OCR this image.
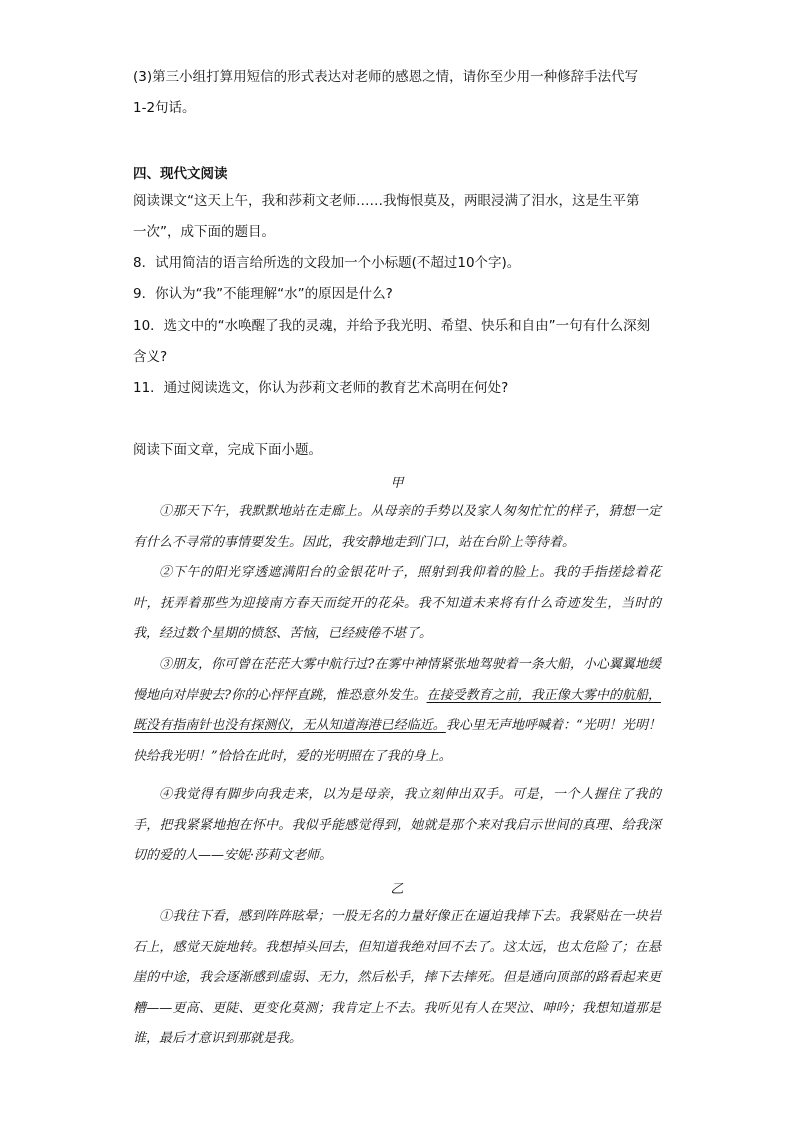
(3)第三小组打算用短信的形式表达对老师的感恩之情，请你至少用一种修辞手法代写
1-2句话。
四、现代文阅读
阅读课文“这天上午，我和莎莉文老师……我悔恨莫及，两眼浸满了泪水，这是生平第
一次”，成下面的题目。
8．试用简洁的语言给所选的文段加一个小标题(不超过10个字)。
9．你认为“我”不能理解“水”的原因是什么?
10．选文中的“水唤醒了我的灵魂，并给予我光明、希望、快乐和自由”一句有什么深刻
含义?
11．通过阅读选文，你认为莎莉文老师的教育艺术高明在何处?
阅读下面文章，完成下面小题。
甲

①那天下午，我默默地站在走廊上。从母亲的手势以及家人匆匆忙忙的样子，猜想一定有什么不寻常的事情要发生。因此，我安静地走到门口，站在台阶上等待着。

②下午的阳光穿透遮满阳台的金银花叶子，照射到我仰着的脸上。我的手指搓捻着花叶，抚弄着那些为迎接南方春天而绽开的花朵。我不知道未来将有什么奇迹发生，当时的我，经过数个星期的愤怒、苦恼，已经疲倦不堪了。

③朋友，你可曾在茫茫大雾中航行过?在雾中神情紧张地驾驶着一条大船，小心翼翼地缓慢地向对岸驶去?你的心怦怦直跳，惟恐意外发生。在接受教育之前，我正像大雾中的航船，既没有指南针也没有探测仪，无从知道海港已经临近。我心里无声地呼喊着：“光明！光明！快给我光明！”恰恰在此时，爱的光明照在了我的身上。

④我觉得有脚步向我走来，以为是母亲，我立刻伸出双手。可是，一个人握住了我的手，把我紧紧地抱在怀中。我似乎能感觉得到，她就是那个来对我启示世间的真理、给我深切的爱的人——安妮·莎莉文老师。

乙

①我往下看，感到阵阵眩晕；一股无名的力量好像正在逼迫我摔下去。我紧贴在一块岩石上，感觉天旋地转。我想掉头回去，但知道我绝对回不去了。这太远，也太危险了；在悬崖的中途，我会逐渐感到虚弱、无力，然后松手，摔下去摔死。但是通向顶部的路看起来更糟——更高、更陡、更变化莫测；我肯定上不去。我听见有人在哭泣、呻吟；我想知道那是谁，最后才意识到那就是我。
